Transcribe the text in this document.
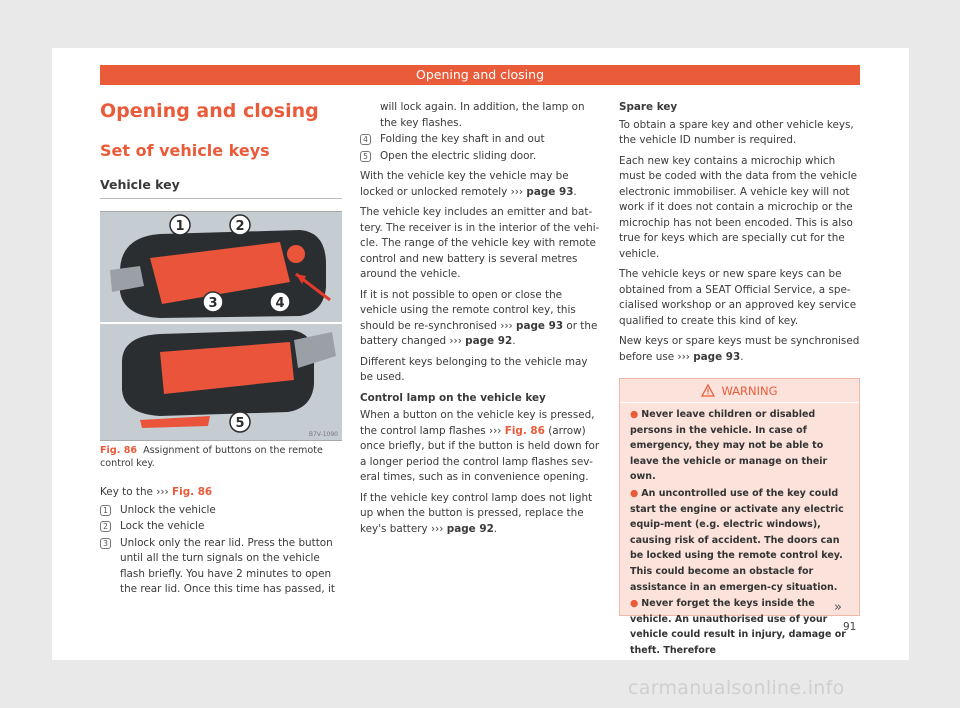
Opening and closing
Opening and closing
Set of vehicle keys
Vehicle key
1	2
3	4
5
B7V-1090
Fig. 86 Assignment of buttons on the remote control key.
Key to the ››› Fig. 86
1 Unlock the vehicle
2 Lock the vehicle
3 Unlock only the rear lid. Press the button until all the turn signals on the vehicle flash briefly. You have 2 minutes to open the rear lid. Once this time has passed, it
will lock again. In addition, the lamp on the key flashes.
4 Folding the key shaft in and out
5 Open the electric sliding door.

With the vehicle key the vehicle may be locked or unlocked remotely ››› page 93.

The vehicle key includes an emitter and bat-tery. The receiver is in the interior of the vehi-cle. The range of the vehicle key with remote control and new battery is several metres around the vehicle.

If it is not possible to open or close the vehicle using the remote control key, this should be re-synchronised ››› page 93 or the battery changed ››› page 92.

Different keys belonging to the vehicle may be used.

Control lamp on the vehicle key

When a button on the vehicle key is pressed, the control lamp flashes ››› Fig. 86 (arrow) once briefly, but if the button is held down for a longer period the control lamp flashes sev-eral times, such as in convenience opening.

If the vehicle key control lamp does not light up when the button is pressed, replace the key's battery ››› page 92.

Spare key

To obtain a spare key and other vehicle keys, the vehicle ID number is required.

Each new key contains a microchip which must be coded with the data from the vehicle electronic immobiliser. A vehicle key will not work if it does not contain a microchip or the microchip has not been encoded. This is also true for keys which are specially cut for the vehicle.

The vehicle keys or new spare keys can be obtained from a SEAT Official Service, a spe-cialised workshop or an approved key service qualified to create this kind of key.

New keys or spare keys must be synchronised before use ››› page 93.

WARNING
● Never leave children or disabled persons in the vehicle. In case of emergency, they may not be able to leave the vehicle or manage on their own.
● An uncontrolled use of the key could start the engine or activate any electric equip-ment (e.g. electric windows), causing risk of accident. The doors can be locked using the remote control key. This could become an obstacle for assistance in an emergen-cy situation.
● Never forget the keys inside the vehicle. An unauthorised use of your vehicle could result in injury, damage or theft. Therefore
»
91
carmanualsonline.info
